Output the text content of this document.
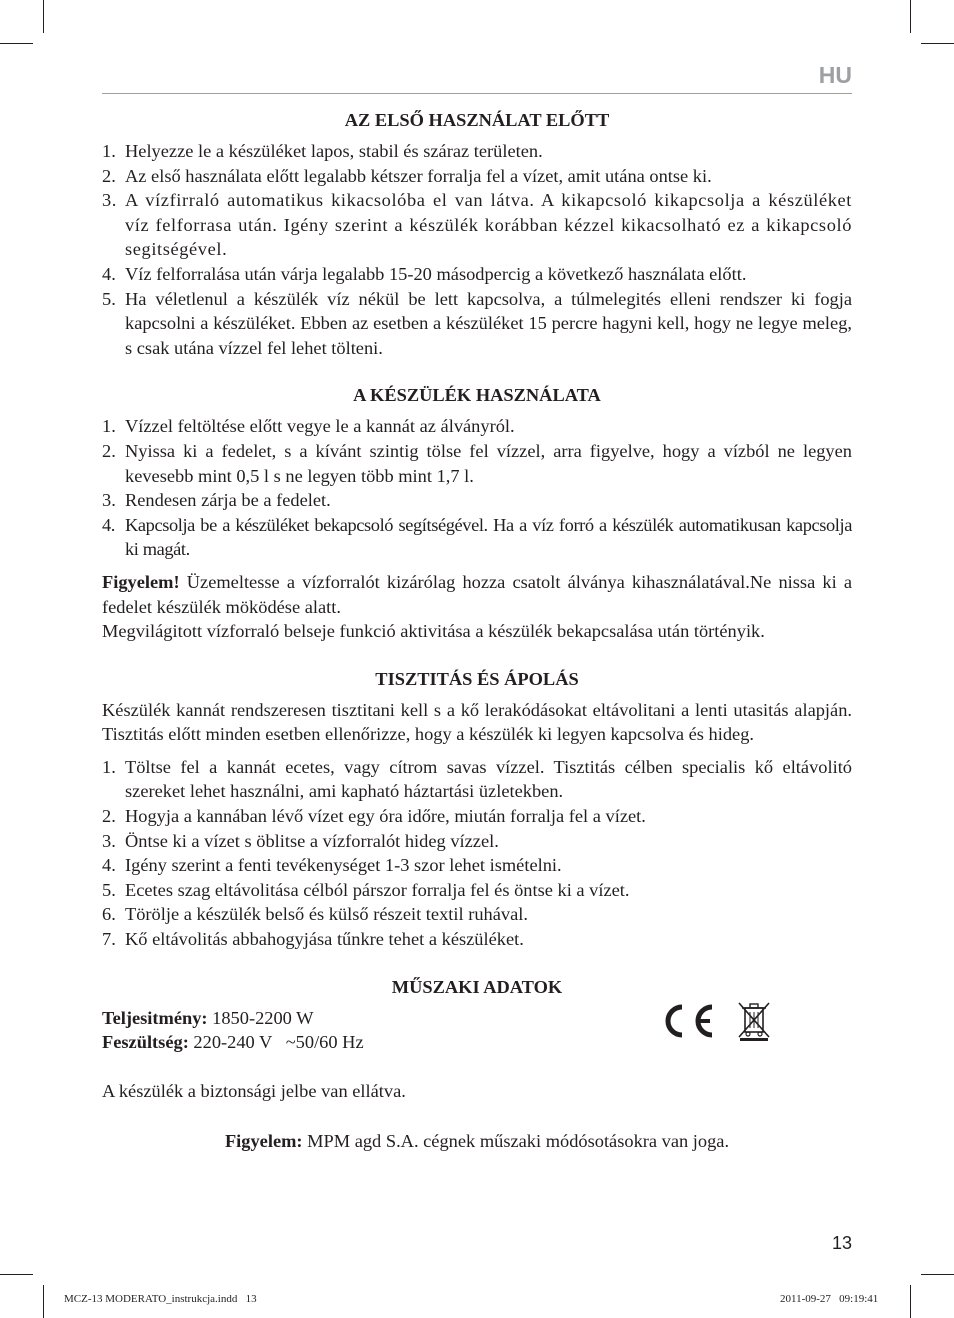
HU
AZ ELSŐ HASZNÁLAT ELŐTT
1. Helyezze le a készüléket lapos, stabil és száraz területen.
2. Az első használata előtt legalabb kétszer forralja fel a vízet, amit utána ontse ki.
3. A vízfirraló automatikus kikacsolóba el van látva. A kikapcsoló kikapcsolja a készüléket víz felforrasa után. Igény szerint a készülék korábban kézzel kikacsolható ez a kikapcsoló segitségével.
4. Víz felforralása után várja legalabb 15-20 másodpercig a következő használata előtt.
5. Ha véletlenul a készülék víz nékül be lett kapcsolva, a túlmelegités elleni rendszer ki fogja kapcsolni a készüléket. Ebben az esetben a készüléket 15 percre hagyni kell, hogy ne legye meleg, s csak utána vízzel fel lehet tölteni.
A KÉSZÜLÉK HASZNÁLATA
1. Vízzel feltöltése előtt vegye le a kannát az álványról.
2. Nyissa ki a fedelet, s a kívánt szintig tölse fel vízzel, arra figyelve, hogy a vízból ne legyen kevesebb mint 0,5 l s ne legyen több mint 1,7 l.
3. Rendesen zárja be a fedelet.
4. Kapcsolja be a készüléket bekapcsoló segítségével. Ha a víz forró a készülék automatikusan kapcsolja ki magát.

Figyelem! Üzemeltesse a vízforralót kizárólag hozza csatolt álványa kihasználatával.Ne nissa ki a fedelet készülék möködése alatt.

Megvilágitott vízforraló belseje funkció aktivitása a készülék bekapcsalása után történyik.

TISZTITÁS ÉS ÁPOLÁS

Készülék kannát rendszeresen tisztitani kell s a kő lerakódásokat eltávolitani a lenti utasitás alapján. Tisztitás előtt minden esetben ellenőrizze, hogy a készülék ki legyen kapcsolva és hideg.

1. Töltse fel a kannát ecetes, vagy cítrom savas vízzel. Tisztitás célben specialis kő eltávolitó szereket lehet használni, ami kapható háztartási üzletekben.
2. Hogyja a kannában lévő vízet egy óra időre, miután forralja fel a vízet.
3. Öntse ki a vízet s öblitse a vízforralót hideg vízzel.
4. Igény szerint a fenti tevékenységet 1-3 szor lehet ismételni.
5. Ecetes szag eltávolitása célból párszor forralja fel és öntse ki a vízet.
6. Törölje a készülék belső és külső részeit textil ruhával.
7. Kő eltávolitás abbahogyjása tűnkre tehet a készüléket.
MŰSZAKI ADATOK

Teljesitmény: 1850-2200 W

Feszültség: 220-240 V   ~50/60 Hz

A készülék a biztonsági jelbe van ellátva.

Figyelem: MPM agd S.A. cégnek műszaki módósotásokra van joga.

13
MCZ-13 MODERATO_instrukcja.indd   13	2011-09-27   09:19:41
